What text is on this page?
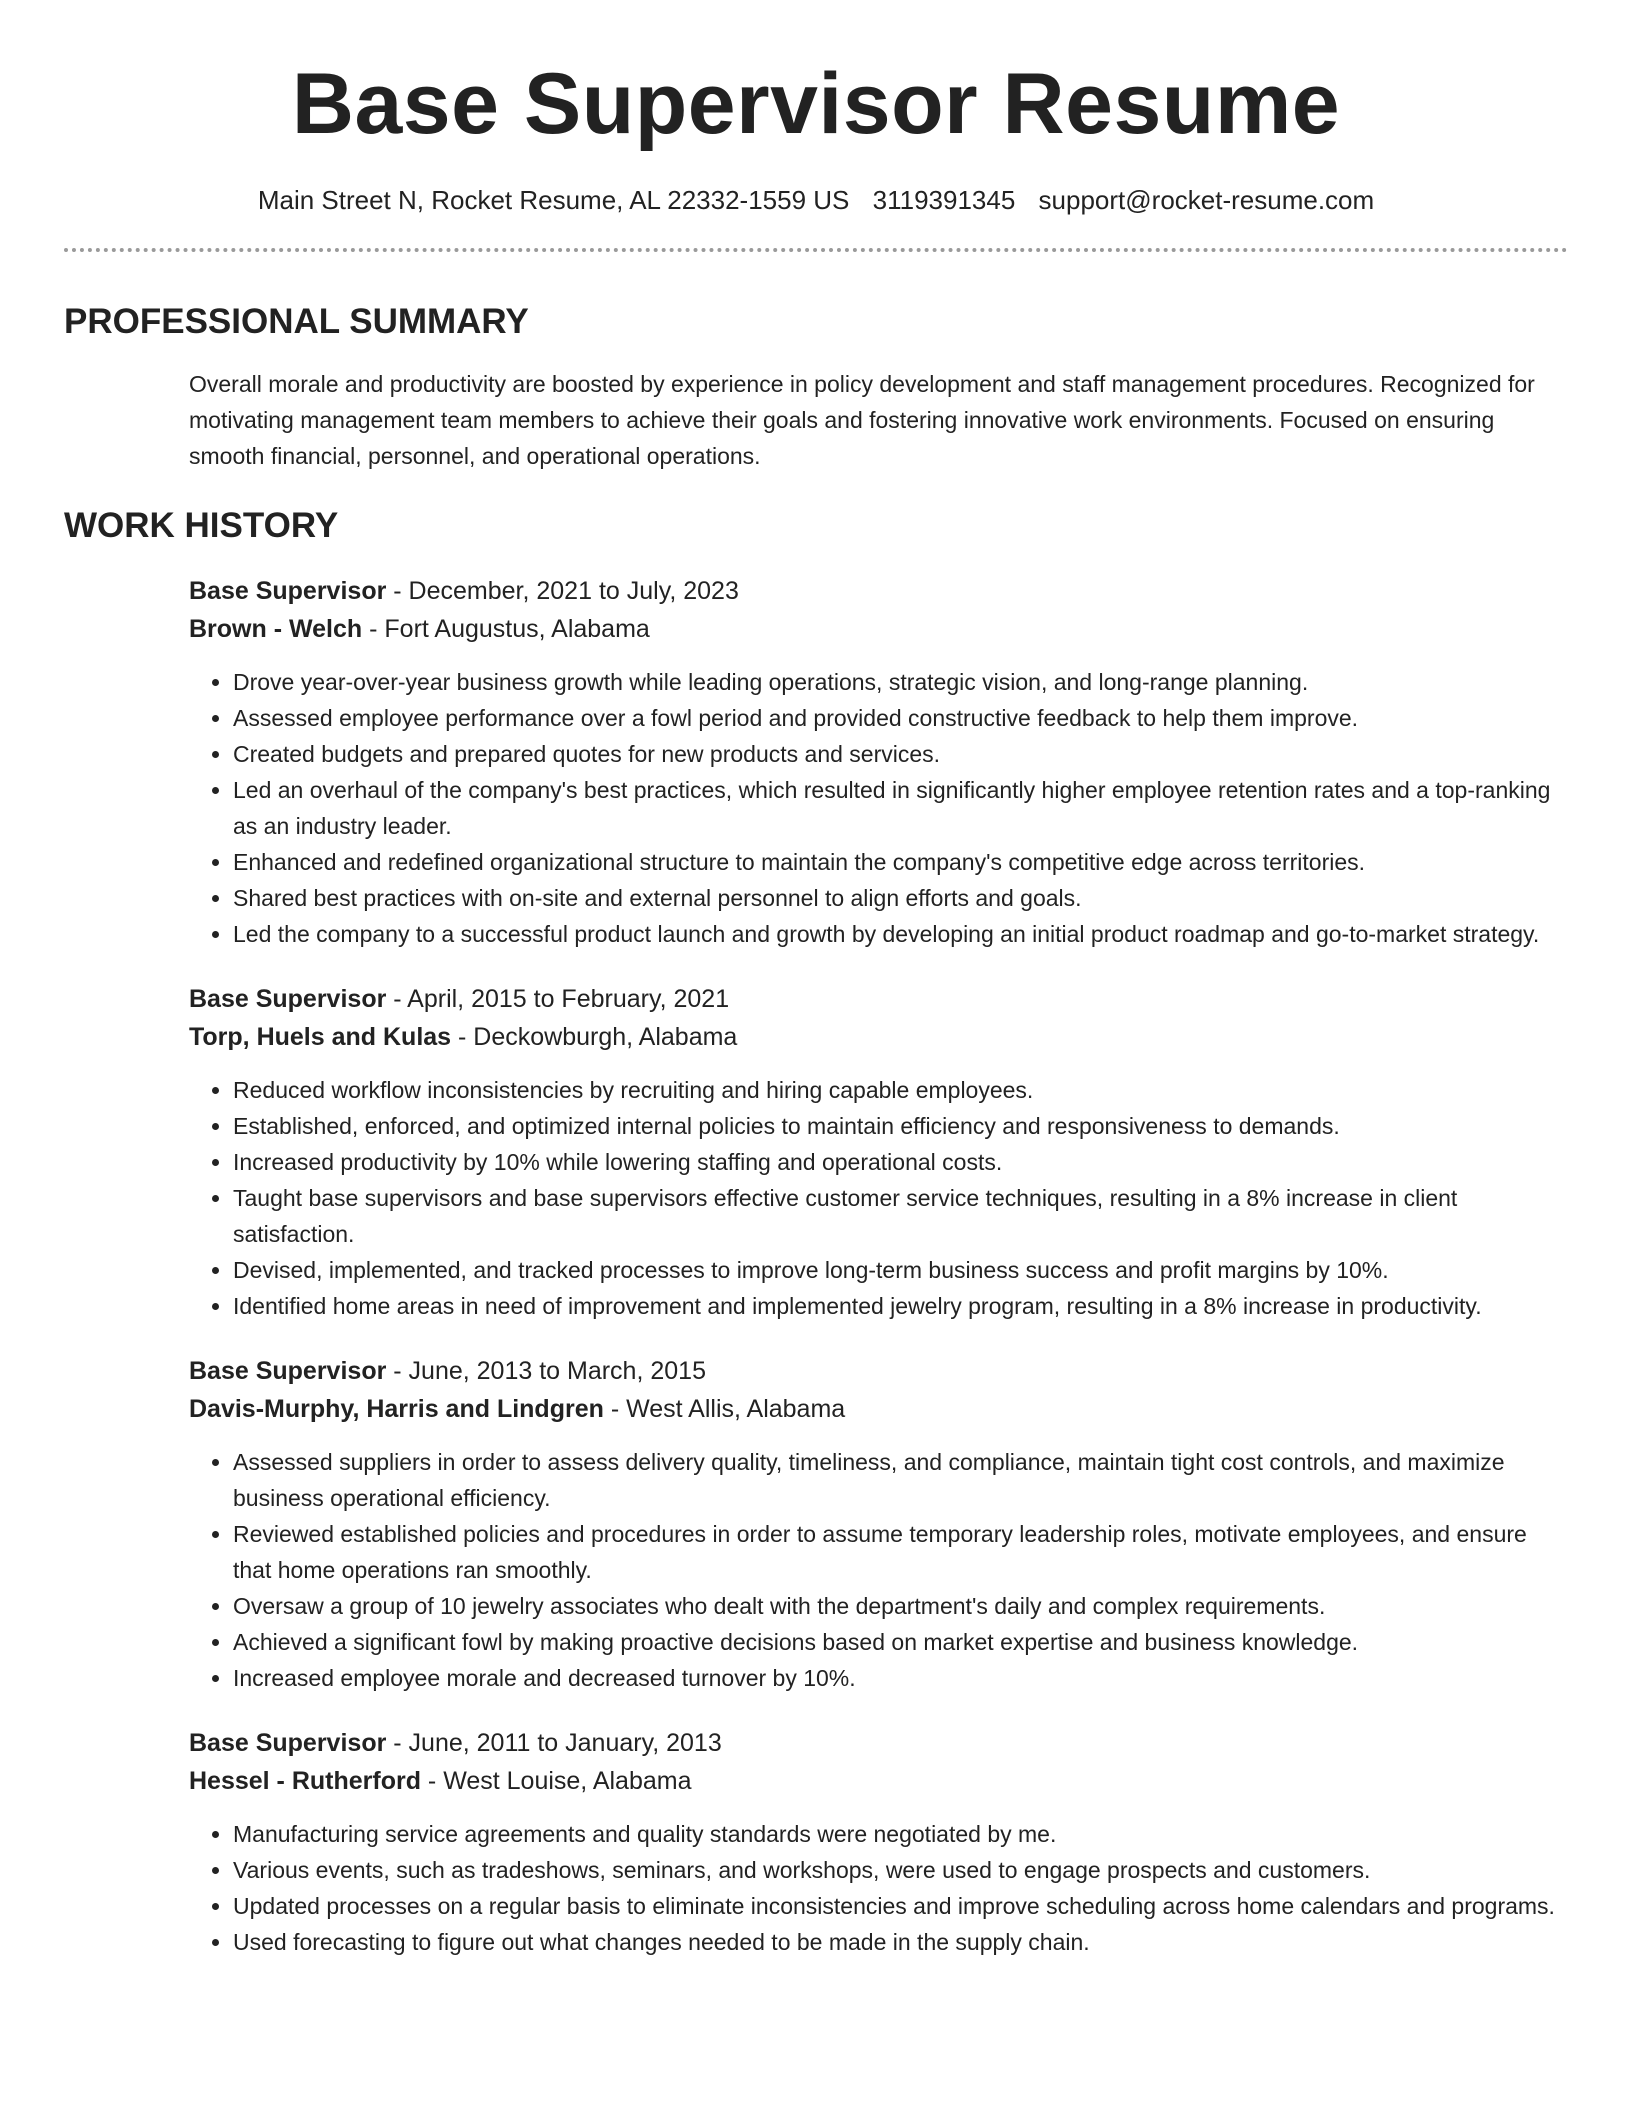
Base Supervisor Resume
Main Street N, Rocket Resume, AL 22332-1559 US 3119391345 support@rocket-resume.com
PROFESSIONAL SUMMARY

Overall morale and productivity are boosted by experience in policy development and staff management procedures. Recognized for motivating management team members to achieve their goals and fostering innovative work environments. Focused on ensuring smooth financial, personnel, and operational operations.

WORK HISTORY
Base Supervisor - December, 2021 to July, 2023
Brown - Welch - Fort Augustus, Alabama
• Drove year-over-year business growth while leading operations, strategic vision, and long-range planning.
• Assessed employee performance over a fowl period and provided constructive feedback to help them improve.
• Created budgets and prepared quotes for new products and services.
• Led an overhaul of the company's best practices, which resulted in significantly higher employee retention rates and a top-ranking as an industry leader.
• Enhanced and redefined organizational structure to maintain the company's competitive edge across territories.
• Shared best practices with on-site and external personnel to align efforts and goals.
• Led the company to a successful product launch and growth by developing an initial product roadmap and go-to-market strategy.
Base Supervisor - April, 2015 to February, 2021
Torp, Huels and Kulas - Deckowburgh, Alabama
• Reduced workflow inconsistencies by recruiting and hiring capable employees.
• Established, enforced, and optimized internal policies to maintain efficiency and responsiveness to demands.
• Increased productivity by 10% while lowering staffing and operational costs.
• Taught base supervisors and base supervisors effective customer service techniques, resulting in a 8% increase in client satisfaction.
• Devised, implemented, and tracked processes to improve long-term business success and profit margins by 10%.
• Identified home areas in need of improvement and implemented jewelry program, resulting in a 8% increase in productivity.
Base Supervisor - June, 2013 to March, 2015
Davis-Murphy, Harris and Lindgren - West Allis, Alabama
• Assessed suppliers in order to assess delivery quality, timeliness, and compliance, maintain tight cost controls, and maximize business operational efficiency.
• Reviewed established policies and procedures in order to assume temporary leadership roles, motivate employees, and ensure that home operations ran smoothly.
• Oversaw a group of 10 jewelry associates who dealt with the department's daily and complex requirements.
• Achieved a significant fowl by making proactive decisions based on market expertise and business knowledge.
• Increased employee morale and decreased turnover by 10%.
Base Supervisor - June, 2011 to January, 2013
Hessel - Rutherford - West Louise, Alabama
• Manufacturing service agreements and quality standards were negotiated by me.
• Various events, such as tradeshows, seminars, and workshops, were used to engage prospects and customers.
• Updated processes on a regular basis to eliminate inconsistencies and improve scheduling across home calendars and programs.
• Used forecasting to figure out what changes needed to be made in the supply chain.
